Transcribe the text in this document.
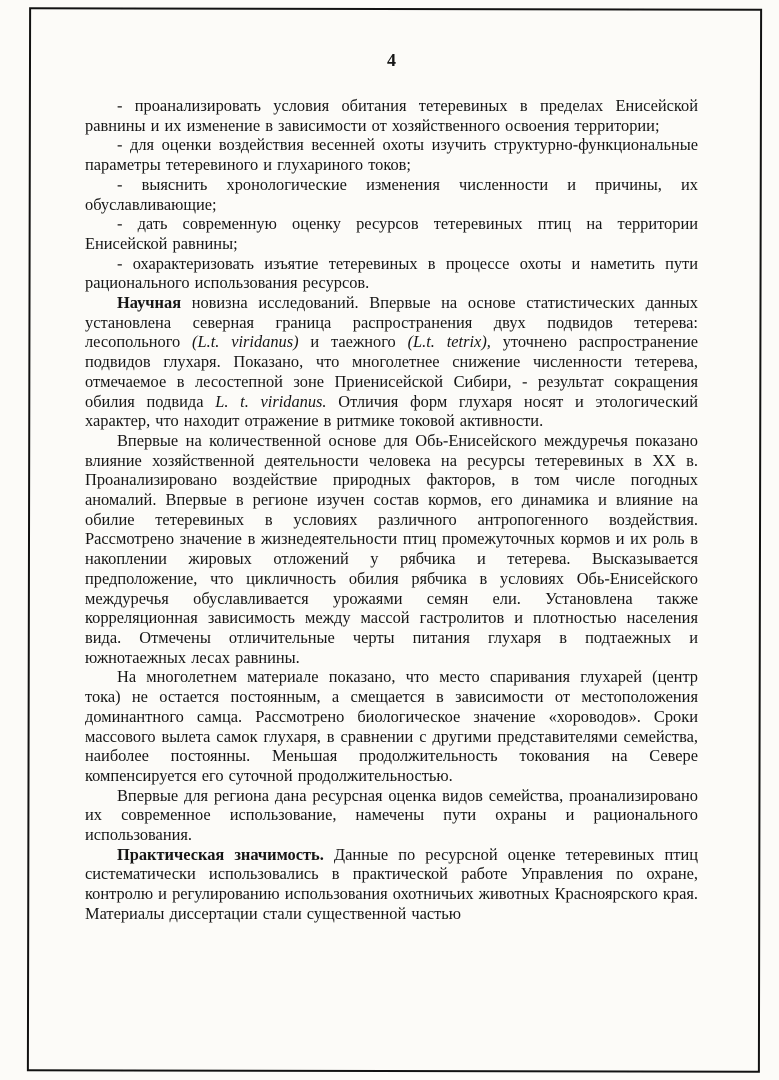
4

- проанализировать условия обитания тетеревиных в пределах Енисейской равнины и их изменение в зависимости от хозяйственного освоения территории;

- для оценки воздействия весенней охоты изучить структурно-функциональные параметры тетеревиного и глухариного токов;

- выяснить хронологические изменения численности и причины, их обуславливающие;

- дать современную оценку ресурсов тетеревиных птиц на территории Енисейской равнины;

- охарактеризовать изъятие тетеревиных в процессе охоты и наметить пути рационального использования ресурсов.

Научная новизна исследований. Впервые на основе статистических данных установлена северная граница распространения двух подвидов тетерева: лесопольного (L.t. viridanus) и таежного (L.t. tetrix), уточнено распространение подвидов глухаря. Показано, что многолетнее снижение численности тетерева, отмечаемое в лесостепной зоне Приенисейской Сибири, - результат сокращения обилия подвида L. t. viridanus. Отличия форм глухаря носят и этологический характер, что находит отражение в ритмике токовой активности.

Впервые на количественной основе для Обь-Енисейского междуречья показано влияние хозяйственной деятельности человека на ресурсы тетеревиных в XX в. Проанализировано воздействие природных факторов, в том числе погодных аномалий. Впервые в регионе изучен состав кормов, его динамика и влияние на обилие тетеревиных в условиях различного антропогенного воздействия. Рассмотрено значение в жизнедеятельности птиц промежуточных кормов и их роль в накоплении жировых отложений у рябчика и тетерева. Высказывается предположение, что цикличность обилия рябчика в условиях Обь-Енисейского междуречья обуславливается урожаями семян ели. Установлена также корреляционная зависимость между массой гастролитов и плотностью населения вида. Отмечены отличительные черты питания глухаря в подтаежных и южнотаежных лесах равнины.

На многолетнем материале показано, что место спаривания глухарей (центр тока) не остается постоянным, а смещается в зависимости от местоположения доминантного самца. Рассмотрено биологическое значение «хороводов». Сроки массового вылета самок глухаря, в сравнении с другими представителями семейства, наиболее постоянны. Меньшая продолжительность токования на Севере компенсируется его суточной продолжительностью.

Впервые для региона дана ресурсная оценка видов семейства, проанализировано их современное использование, намечены пути охраны и рационального использования.

Практическая значимость. Данные по ресурсной оценке тетеревиных птиц систематически использовались в практической работе Управления по охране, контролю и регулированию использования охотничьих животных Красноярского края. Материалы диссертации стали существенной частью
